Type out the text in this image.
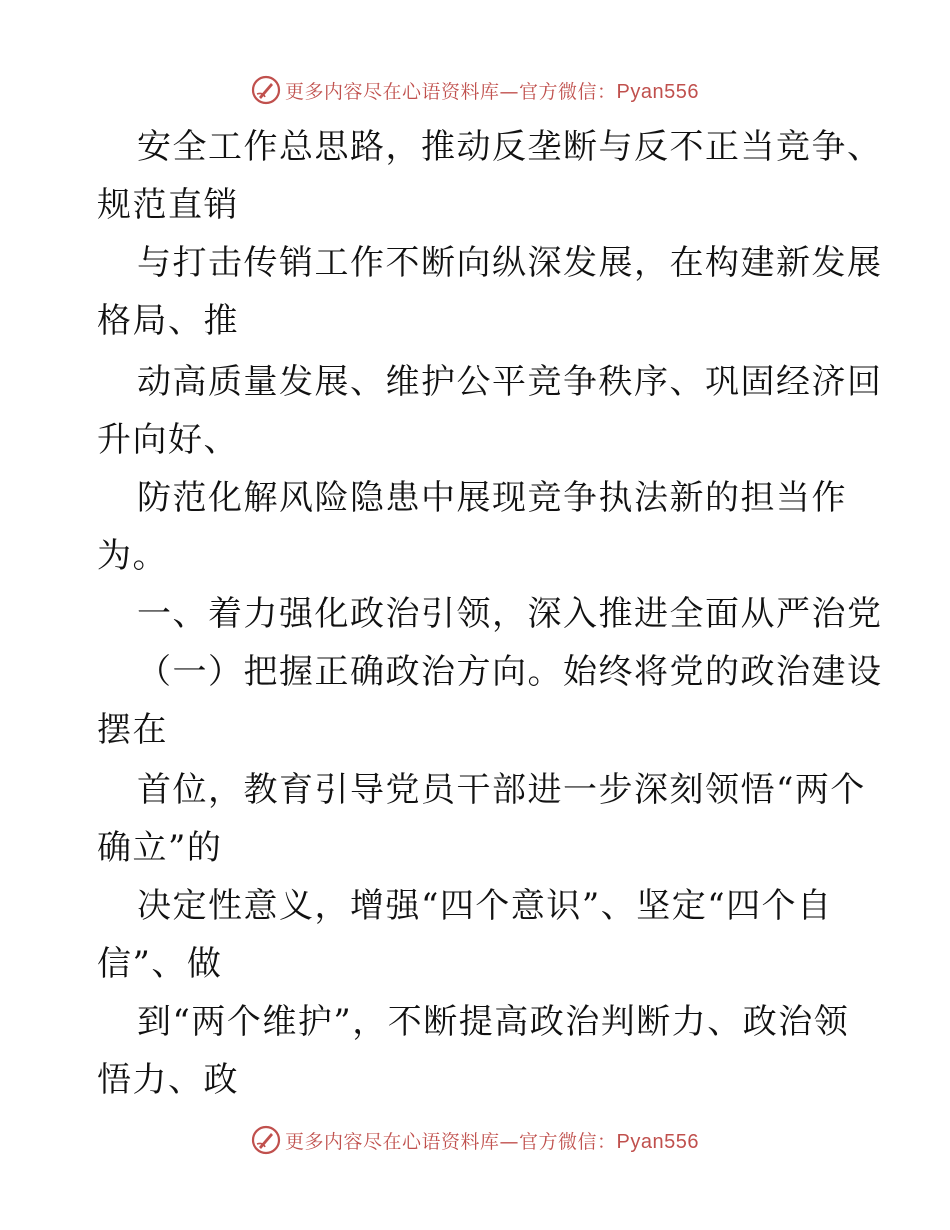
更多内容尽在心语资料库—官方微信：Pyan556
安全工作总思路，推动反垄断与反不正当竞争、
规范直销
与打击传销工作不断向纵深发展，在构建新发展
格局、推
动高质量发展、维护公平竞争秩序、巩固经济回
升向好、
防范化解风险隐患中展现竞争执法新的担当作
为。
一、着力强化政治引领，深入推进全面从严治党
（一）把握正确政治方向。始终将党的政治建设
摆在
首位，教育引导党员干部进一步深刻领悟“两个
确立”的
决定性意义，增强“四个意识”、坚定“四个自
信”、做
到“两个维护”，不断提高政治判断力、政治领
悟力、政
更多内容尽在心语资料库—官方微信：Pyan556
